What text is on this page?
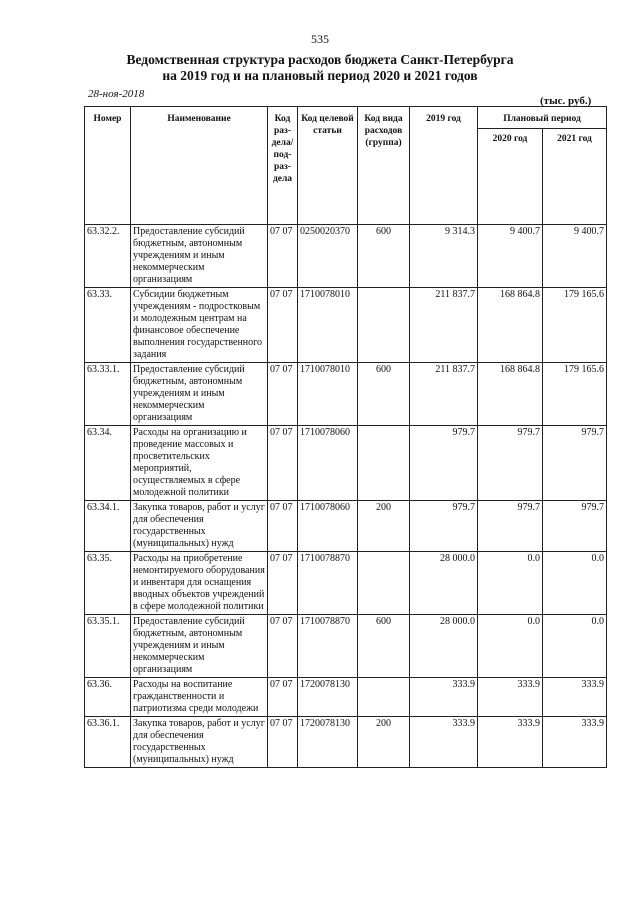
535
Ведомственная структура расходов бюджета Санкт-Петербурга
на 2019 год и на плановый период 2020 и 2021 годов
28-ноя-2018
(тыс. руб.)
Номер	Наименование	Код раз- дела/ под- раз- дела	Код целевой статьи	Код вида расходов (группа)	2019 год	Плановый период	
						2020 год	2021 год
63.32.2.	Предоставление субсидий бюджетным, автономным учреждениям и иным некоммерческим организациям	07 07	0250020370	600	9 314.3	9 400.7	9 400.7
63.33.	Субсидии бюджетным учреждениям - подростковым и молодежным центрам на финансовое обеспечение выполнения государственного задания	07 07	1710078010		211 837.7	168 864.8	179 165.6
63.33.1.	Предоставление субсидий бюджетным, автономным учреждениям и иным некоммерческим организациям	07 07	1710078010	600	211 837.7	168 864.8	179 165.6
63.34.	Расходы на организацию и проведение массовых и просветительских мероприятий, осуществляемых в сфере молодежной политики	07 07	1710078060		979.7	979.7	979.7
63.34.1.	Закупка товаров, работ и услуг для обеспечения государственных (муниципальных) нужд	07 07	1710078060	200	979.7	979.7	979.7
63.35.	Расходы на приобретение немонтируемого оборудования и инвентаря для оснащения вводных объектов учреждений в сфере молодежной политики	07 07	1710078870		28 000.0	0.0	0.0
63.35.1.	Предоставление субсидий бюджетным, автономным учреждениям и иным некоммерческим организациям	07 07	1710078870	600	28 000.0	0.0	0.0
63.36.	Расходы на воспитание гражданственности и патриотизма среди молодежи	07 07	1720078130		333.9	333.9	333.9
63.36.1.	Закупка товаров, работ и услуг для обеспечения государственных (муниципальных) нужд	07 07	1720078130	200	333.9	333.9	333.9
